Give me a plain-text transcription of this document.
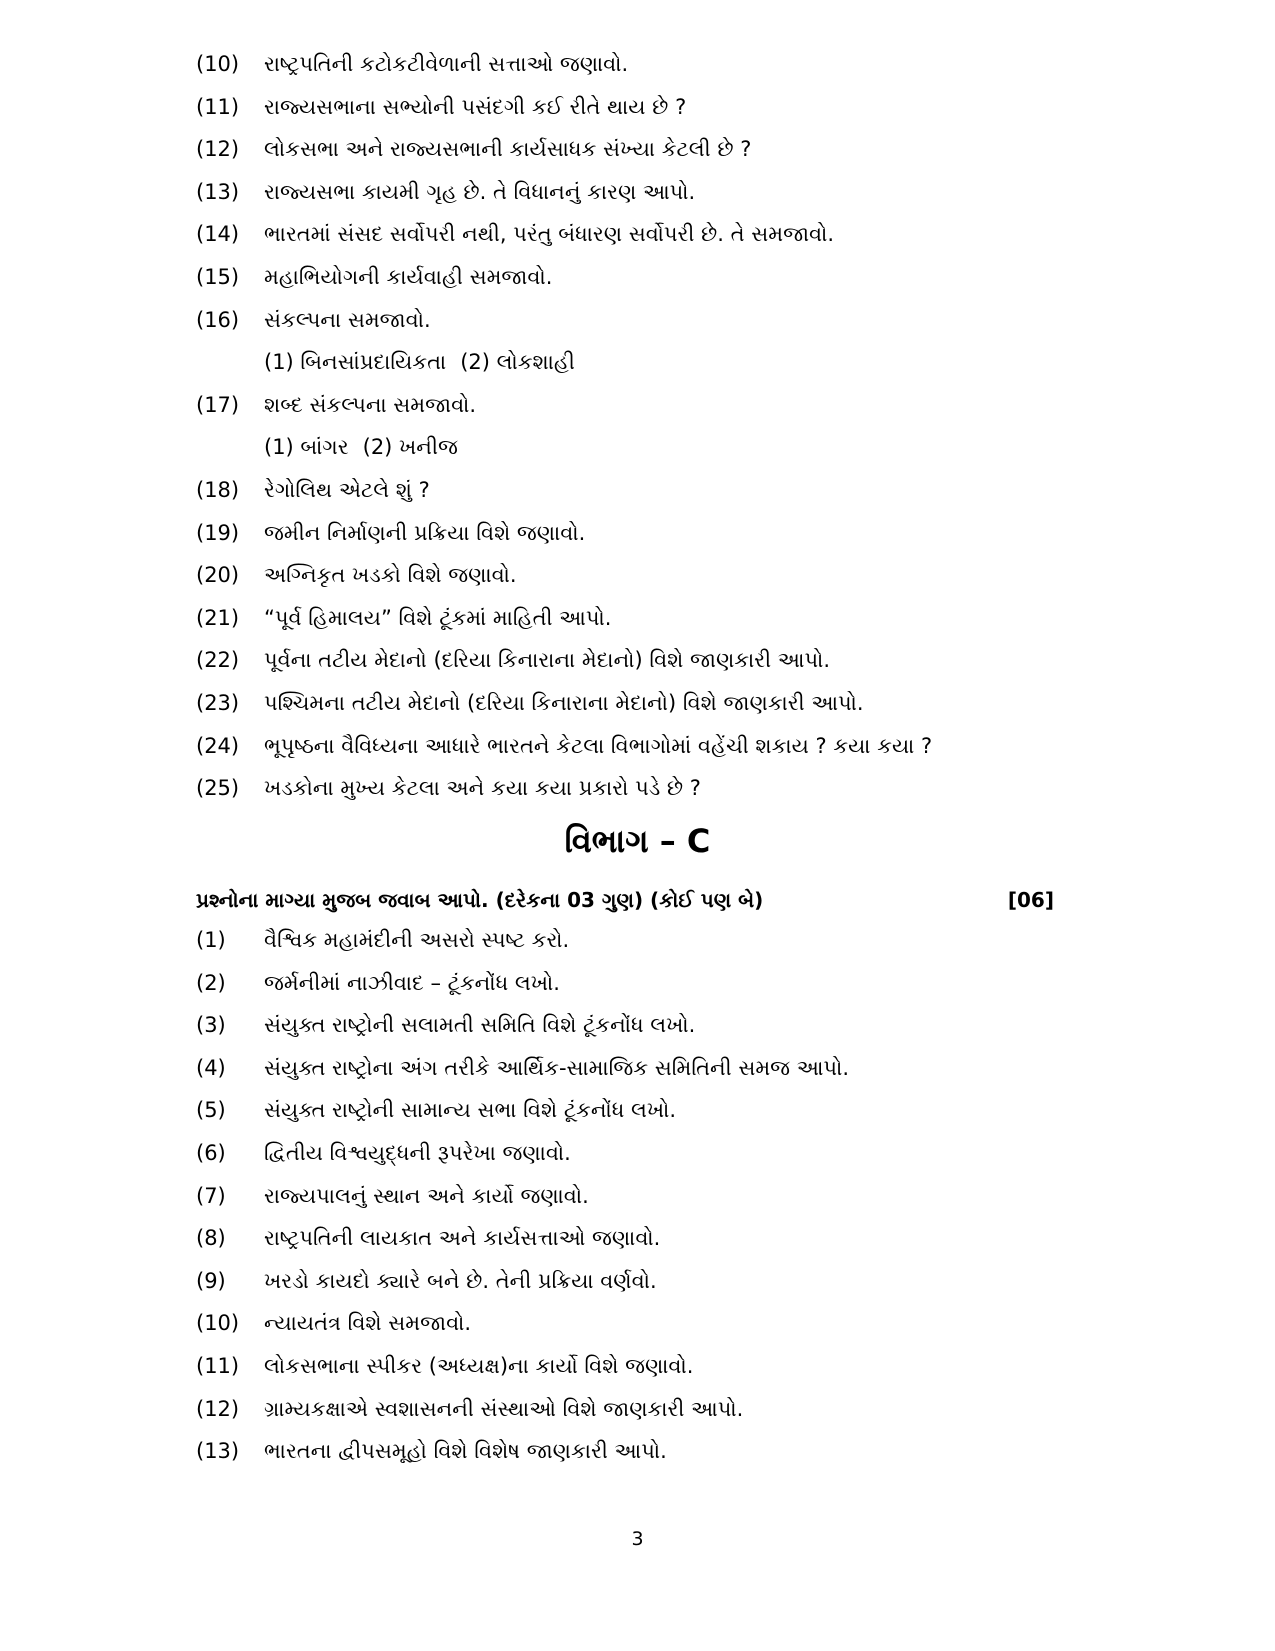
(10)	રાષ્ટ્રપતિની કટોકટીવેળાની સત્તાઓ જણાવો.
(11)	રાજ્યસભાના સભ્યોની પસંદગી કઈ રીતે થાય છે ?
(12)	લોકસભા અને રાજ્યસભાની કાર્યસાધક સંખ્યા કેટલી છે ?
(13)	રાજ્યસભા કાયમી ગૃહ છે. તે વિધાનનું કારણ આપો.
(14)	ભારતમાં સંસદ સર્વોપરી નથી, પરંતુ બંધારણ સર્વોપરી છે. તે સમજાવો.
(15)	મહાભિયોગની કાર્યવાહી સમજાવો.
(16)	સંકલ્પના સમજાવો.
(1) બિનસાંપ્રદાયિકતા (2) લોકશાહી
(17)	શબ્દ સંકલ્પના સમજાવો.
(1) બાંગર (2) ખનીજ
(18)	રેગોલિથ એટલે શું ?
(19)	જમીન નિર્માણની પ્રક્રિયા વિશે જણાવો.
(20)	અગ્નિકૃત ખડકો વિશે જણાવો.
(21)	“પૂર્વ હિમાલય” વિશે ટૂંકમાં માહિતી આપો.
(22)	પૂર્વના તટીય મેદાનો (દરિયા કિનારાના મેદાનો) વિશે જાણકારી આપો.
(23)	પશ્ચિમના તટીય મેદાનો (દરિયા કિનારાના મેદાનો) વિશે જાણકારી આપો.
(24)	ભૂપૃષ્ઠના વૈવિધ્યના આધારે ભારતને કેટલા વિભાગોમાં વહેંચી શકાય ? કયા કયા ?
(25)	ખડકોના મુખ્ય કેટલા અને કયા કયા પ્રકારો પડે છે ?
વિભાગ – C
પ્રશ્નોના માગ્યા મુજબ જવાબ આપો. (દરેકના 03 ગુણ) (કોઈ પણ બે)	[06]
(1)	વૈશ્વિક મહામંદીની અસરો સ્પષ્ટ કરો.
(2)	જર્મનીમાં નાઝીવાદ – ટૂંકનોંધ લખો.
(3)	સંયુક્ત રાષ્ટ્રોની સલામતી સમિતિ વિશે ટૂંકનોંધ લખો.
(4)	સંયુક્ત રાષ્ટ્રોના અંગ તરીકે આર્થિક-સામાજિક સમિતિની સમજ આપો.
(5)	સંયુક્ત રાષ્ટ્રોની સામાન્ય સભા વિશે ટૂંકનોંધ લખો.
(6)	દ્વિતીય વિશ્વયુદ્ધની રૂપરેખા જણાવો.
(7)	રાજ્યપાલનું સ્થાન અને કાર્યો જણાવો.
(8)	રાષ્ટ્રપતિની લાયકાત અને કાર્યસત્તાઓ જણાવો.
(9)	ખરડો કાયદો ક્યારે બને છે. તેની પ્રક્રિયા વર્ણવો.
(10)	ન્યાયતંત્ર વિશે સમજાવો.
(11)	લોકસભાના સ્પીકર (અધ્યક્ષ)ના કાર્યો વિશે જણાવો.
(12)	ગ્રામ્યકક્ષાએ સ્વશાસનની સંસ્થાઓ વિશે જાણકારી આપો.
(13)	ભારતના દ્વીપસમૂહો વિશે વિશેષ જાણકારી આપો.
3
